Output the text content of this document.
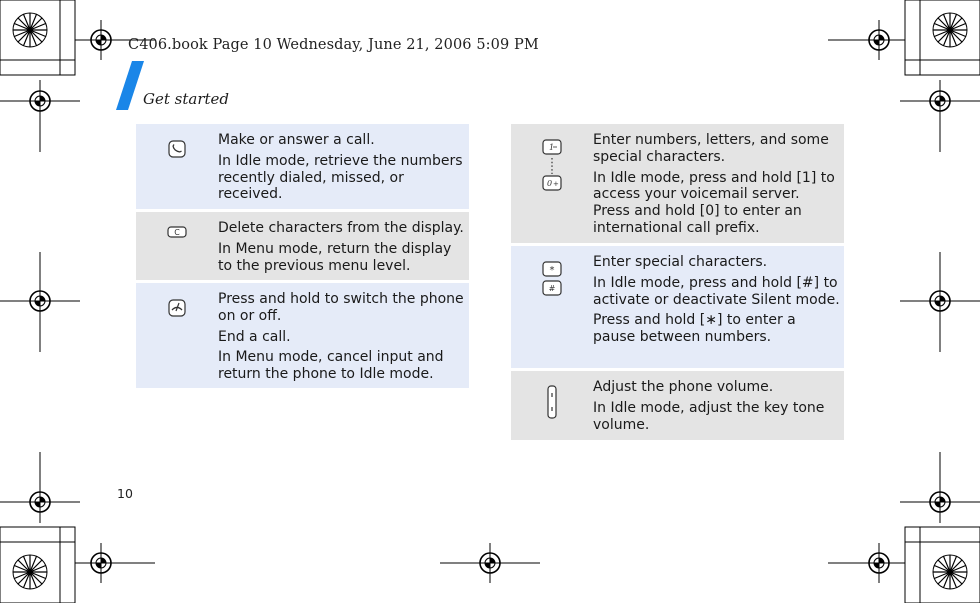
C406.book Page 10 Wednesday, June 21, 2006 5:09 PM
Get started

Make or answer a call.

In Idle mode, retrieve the numbers recently dialed, missed, or received.

C	Delete characters from the display.

In Menu mode, return the display to the previous menu level.

Press and hold to switch the phone on or off.

End a call.

In Menu mode, cancel input and return the phone to Idle mode.

1
0 +

Enter numbers, letters, and some special characters.

In Idle mode, press and hold [1] to access your voicemail server. Press and hold [0] to enter an international call prefix.

*
#

Enter special characters.

In Idle mode, press and hold [#] to activate or deactivate Silent mode.

Press and hold [∗] to enter a pause between numbers.

Adjust the phone volume.

In Idle mode, adjust the key tone volume.

10
